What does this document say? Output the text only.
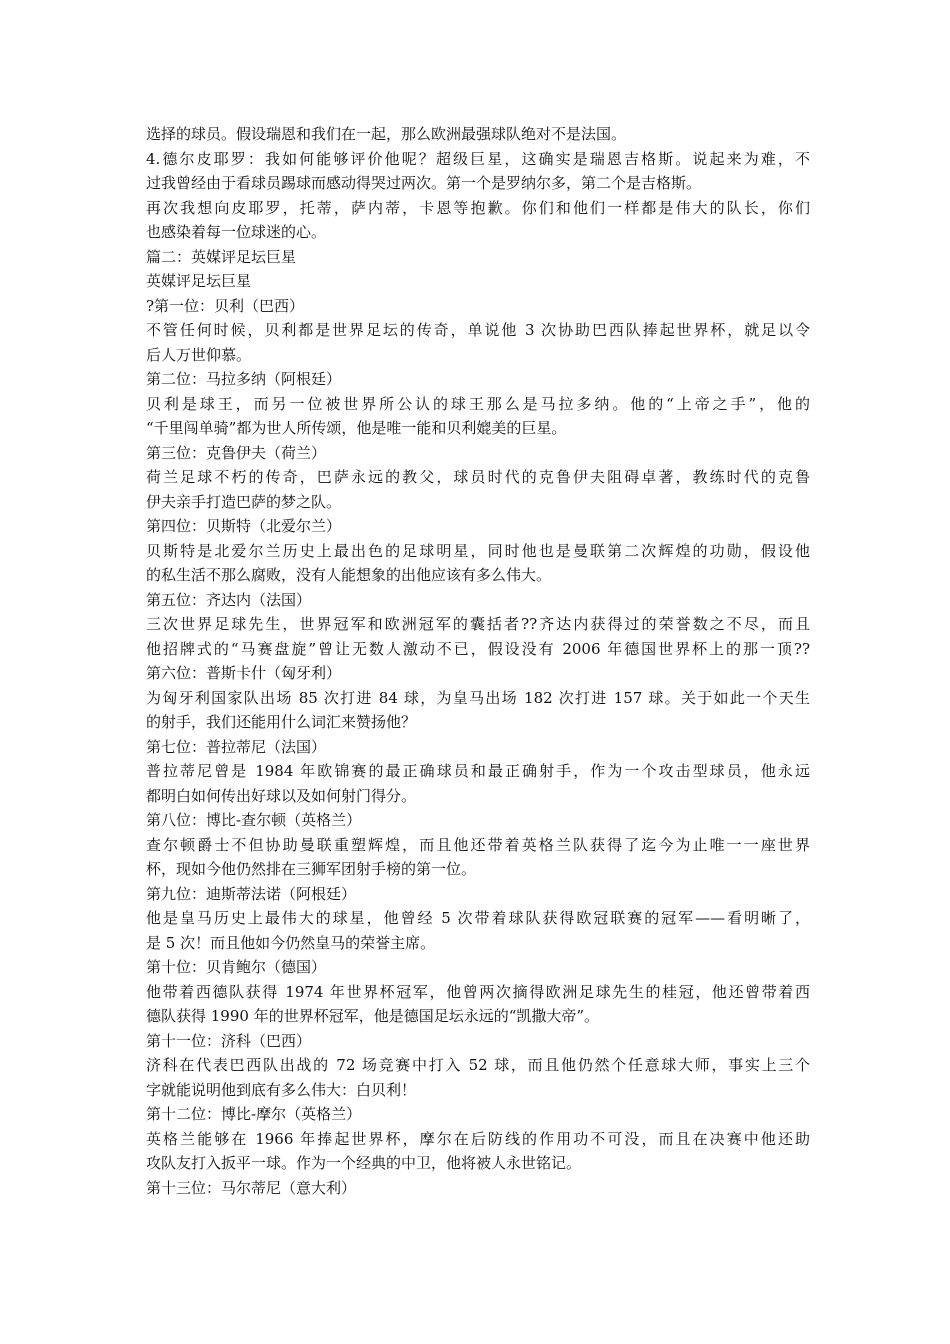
选择的球员。假设瑞恩和我们在一起，那么欧洲最强球队绝对不是法国。
4.德尔皮耶罗：我如何能够评价他呢？超级巨星，这确实是瑞恩吉格斯。说起来为难，不
过我曾经由于看球员踢球而感动得哭过两次。第一个是罗纳尔多，第二个是吉格斯。
再次我想向皮耶罗，托蒂，萨内蒂，卡恩等抱歉。你们和他们一样都是伟大的队长，你们
也感染着每一位球迷的心。
篇二：英媒评足坛巨星
英媒评足坛巨星
?第一位：贝利（巴西）
不管任何时候，贝利都是世界足坛的传奇，单说他 3 次协助巴西队捧起世界杯，就足以令
后人万世仰慕。
第二位：马拉多纳（阿根廷）
贝利是球王，而另一位被世界所公认的球王那么是马拉多纳。他的“上帝之手”，他的
“千里闯单骑”都为世人所传颂，他是唯一能和贝利媲美的巨星。
第三位：克鲁伊夫（荷兰）
荷兰足球不朽的传奇，巴萨永远的教父，球员时代的克鲁伊夫阻碍卓著，教练时代的克鲁
伊夫亲手打造巴萨的梦之队。
第四位：贝斯特（北爱尔兰）
贝斯特是北爱尔兰历史上最出色的足球明星，同时他也是曼联第二次辉煌的功勋，假设他
的私生活不那么腐败，没有人能想象的出他应该有多么伟大。
第五位：齐达内（法国）
三次世界足球先生，世界冠军和欧洲冠军的囊括者??齐达内获得过的荣誉数之不尽，而且
他招牌式的“马赛盘旋”曾让无数人激动不已，假设没有 2006 年德国世界杯上的那一顶??
第六位：普斯卡什（匈牙利）
为匈牙利国家队出场 85 次打进 84 球，为皇马出场 182 次打进 157 球。关于如此一个天生
的射手，我们还能用什么词汇来赞扬他？
第七位：普拉蒂尼（法国）
普拉蒂尼曾是 1984 年欧锦赛的最正确球员和最正确射手，作为一个攻击型球员，他永远
都明白如何传出好球以及如何射门得分。
第八位：博比-查尔顿（英格兰）
查尔顿爵士不但协助曼联重塑辉煌，而且他还带着英格兰队获得了迄今为止唯一一座世界
杯，现如今他仍然排在三狮军团射手榜的第一位。
第九位：迪斯蒂法诺（阿根廷）
他是皇马历史上最伟大的球星，他曾经 5 次带着球队获得欧冠联赛的冠军——看明晰了，
是 5 次！而且他如今仍然皇马的荣誉主席。
第十位：贝肯鲍尔（德国）
他带着西德队获得 1974 年世界杯冠军，他曾两次摘得欧洲足球先生的桂冠，他还曾带着西
德队获得 1990 年的世界杯冠军，他是德国足坛永远的“凯撒大帝”。
第十一位：济科（巴西）
济科在代表巴西队出战的 72 场竞赛中打入 52 球，而且他仍然个任意球大师，事实上三个
字就能说明他到底有多么伟大：白贝利！
第十二位：博比-摩尔（英格兰）
英格兰能够在 1966 年捧起世界杯，摩尔在后防线的作用功不可没，而且在决赛中他还助
攻队友打入扳平一球。作为一个经典的中卫，他将被人永世铭记。
第十三位：马尔蒂尼（意大利）
